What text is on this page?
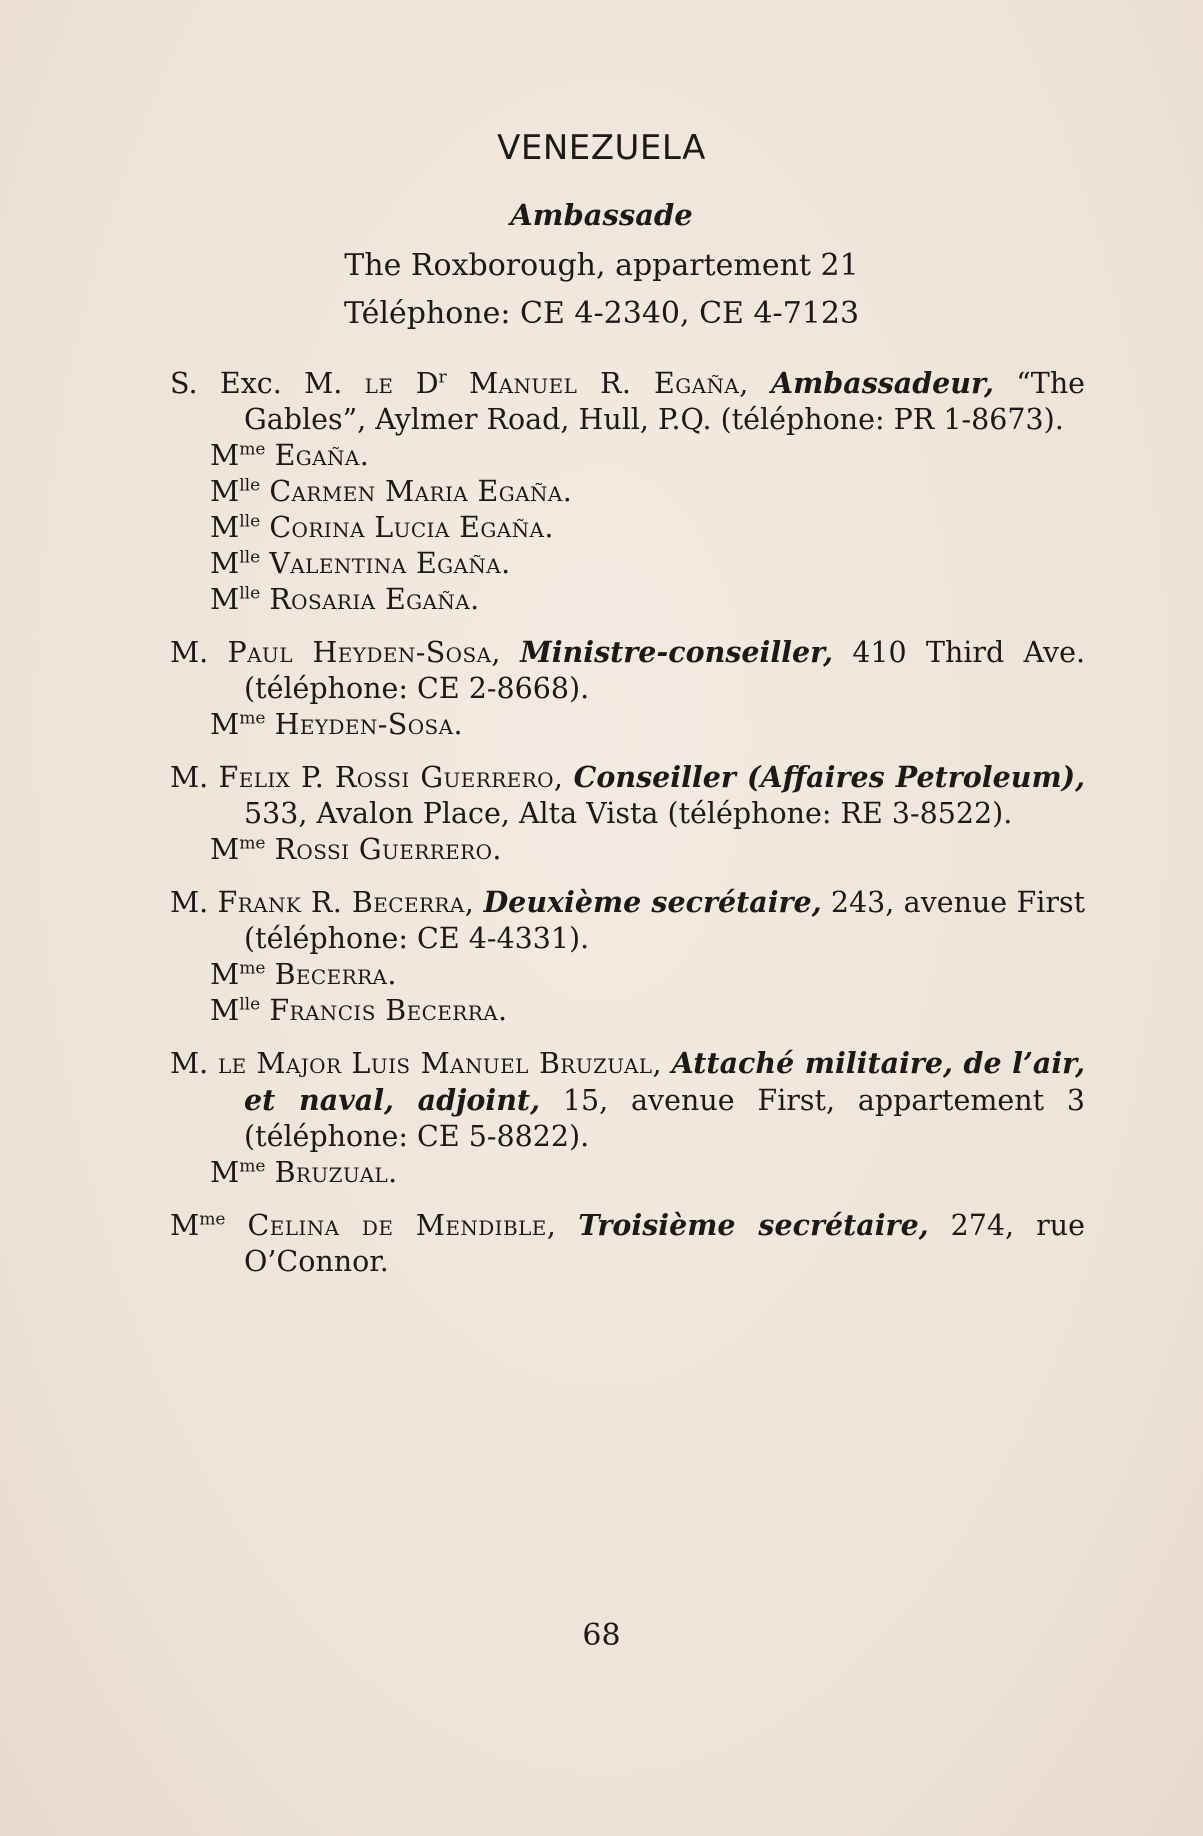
VENEZUELA
Ambassade
The Roxborough, appartement 21
Téléphone: CE 4-2340, CE 4-7123

S. Exc. M. le $D^r$ Manuel R. Egaña, Ambassadeur, “The Gables”, Aylmer Road, Hull, P.Q. (téléphone: PR 1-8673).

$M^{me}$ Egaña.

$M^{lle}$ Carmen Maria Egaña.

$M^{lle}$ Corina Lucia Egaña.

$M^{lle}$ Valentina Egaña.

$M^{lle}$ Rosaria Egaña.

M. Paul Heyden-Sosa, Ministre-conseiller, 410 Third Ave. (téléphone: CE 2-8668).

$M^{me}$ Heyden-Sosa.

M. Felix P. Rossi Guerrero, Conseiller (Affaires Petroleum), 533, Avalon Place, Alta Vista (téléphone: RE 3-8522).

$M^{me}$ Rossi Guerrero.

M. Frank R. Becerra, Deuxième secrétaire, 243, avenue First (téléphone: CE 4-4331).

$M^{me}$ Becerra.

$M^{lle}$ Francis Becerra.

M. le Major Luis Manuel Bruzual, Attaché militaire, de l’air, et naval, adjoint, 15, avenue First, appartement 3 (téléphone: CE 5-8822).

$M^{me}$ Bruzual.

$M^{me}$ Celina de Mendible, Troisième secrétaire, 274, rue O’Connor.

68
